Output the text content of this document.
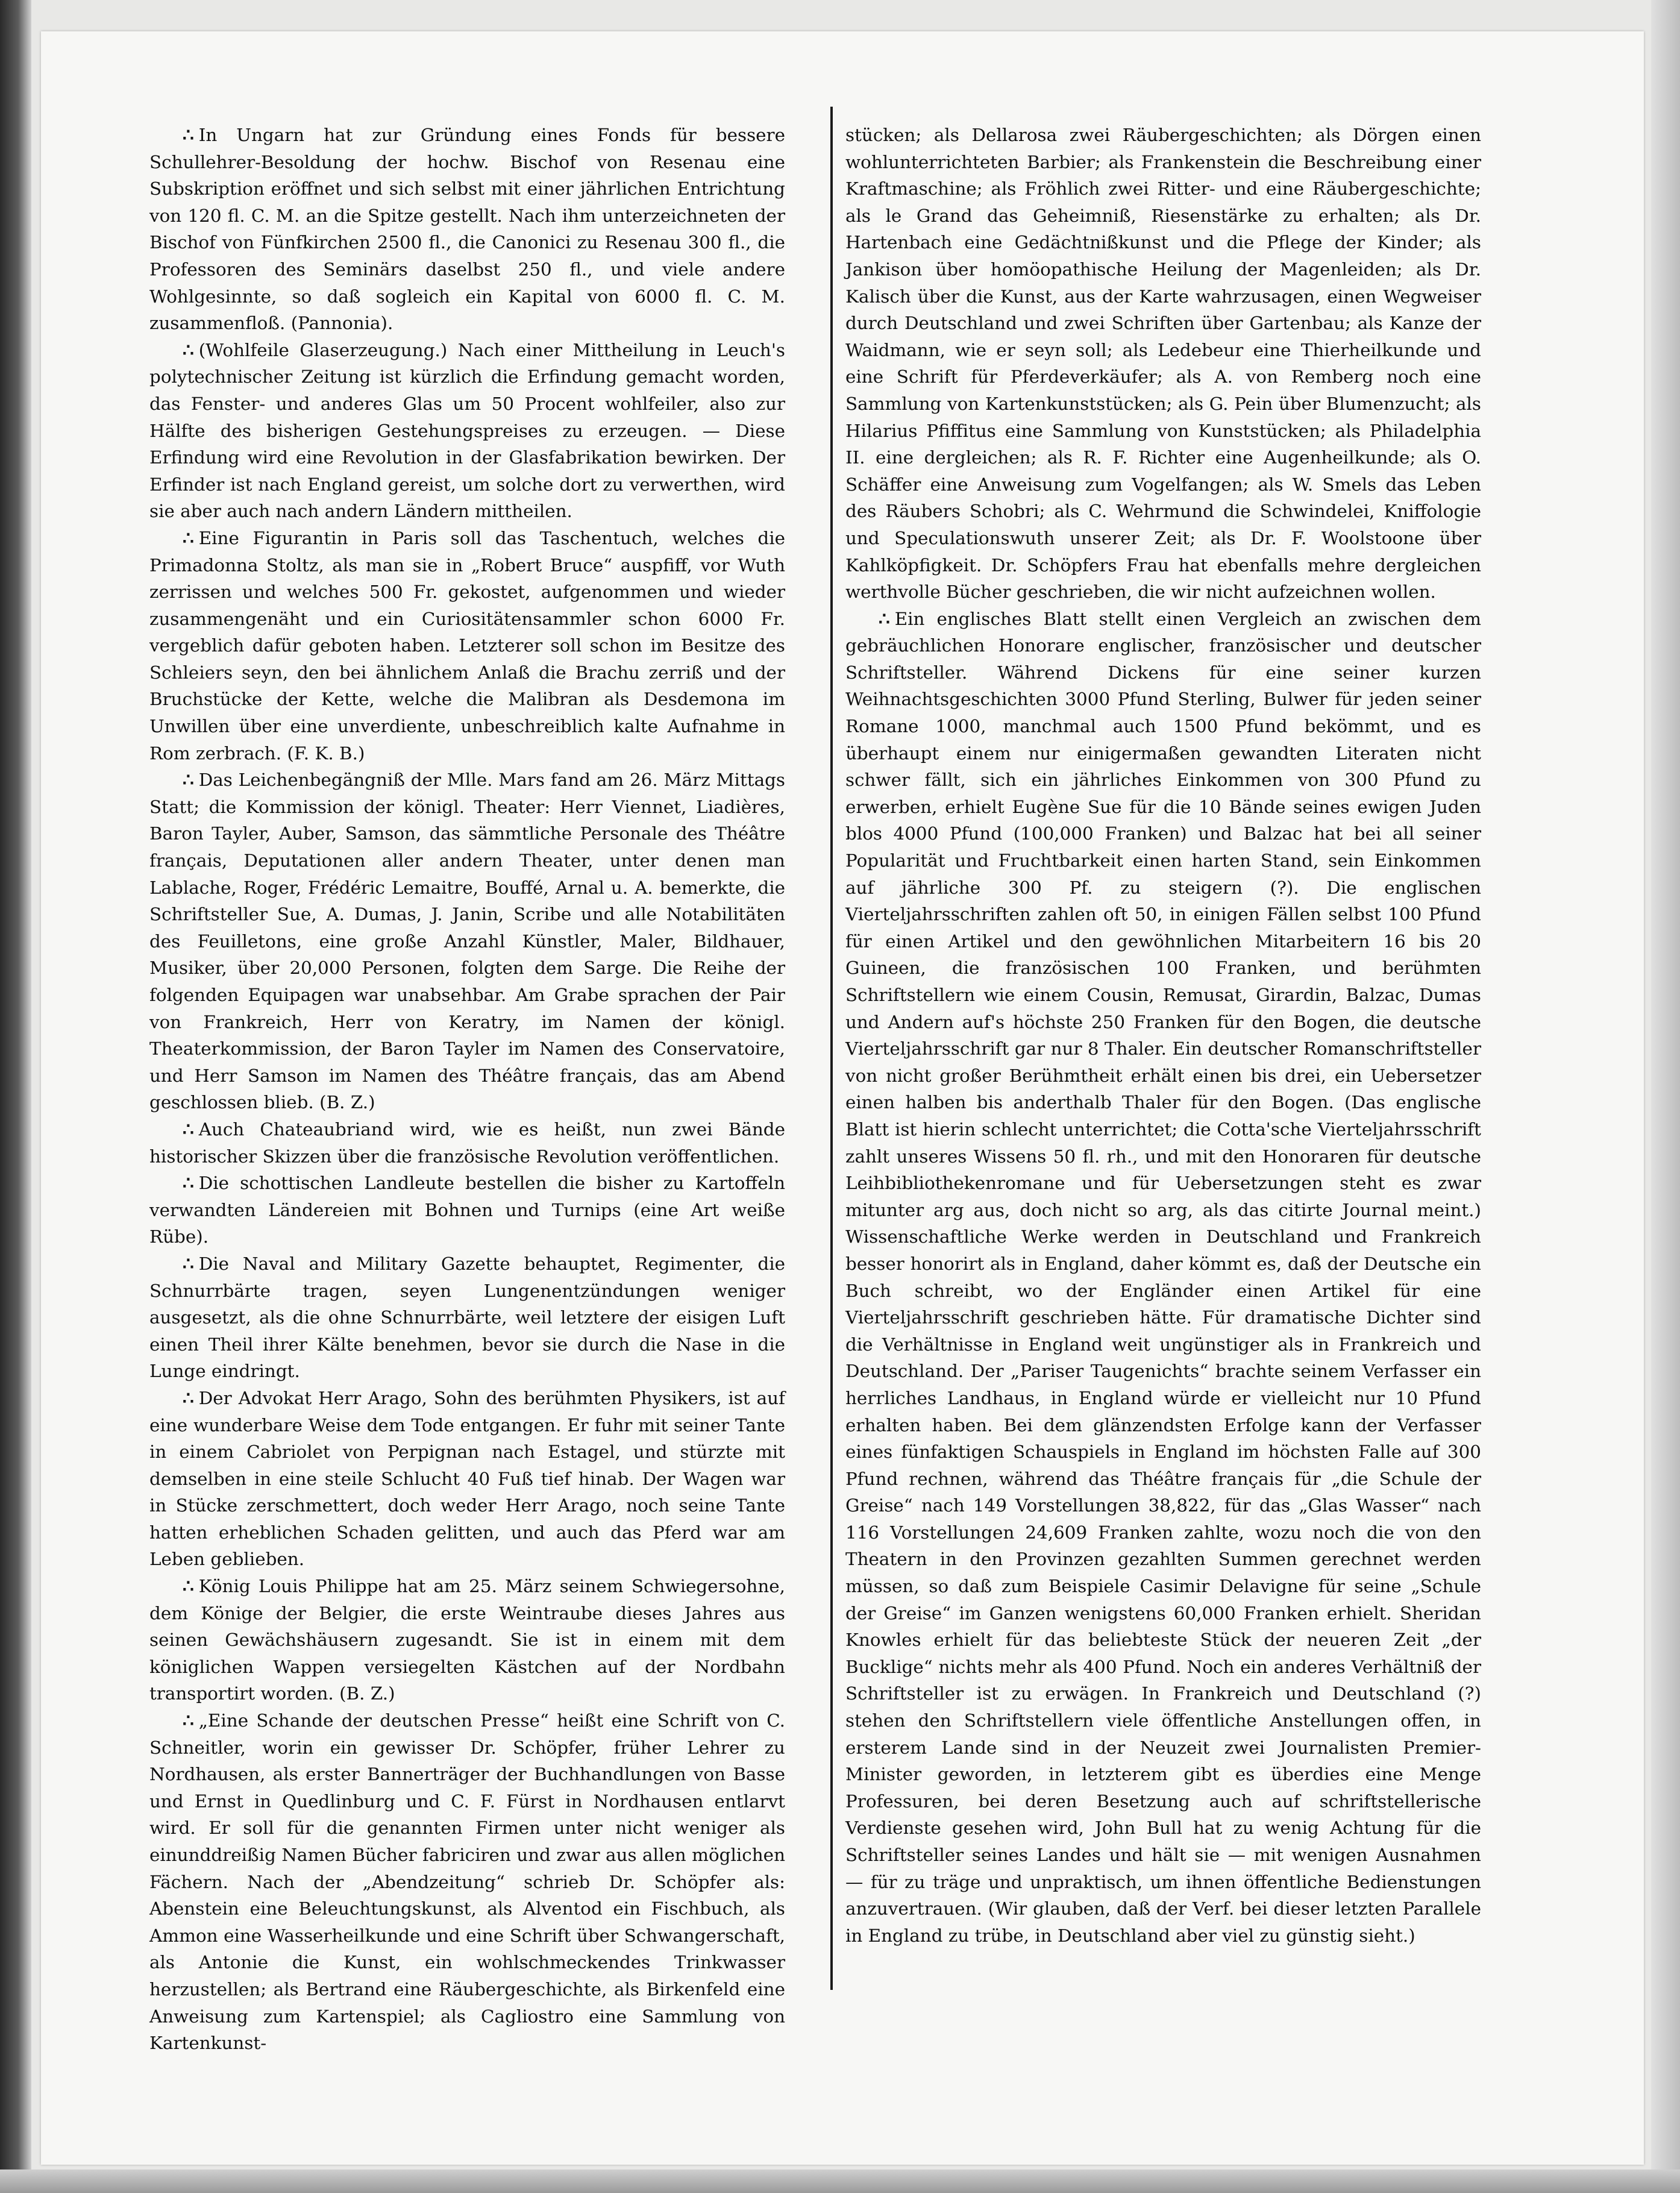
∴ In Ungarn hat zur Gründung eines Fonds für bessere Schullehrer-Besoldung der hochw. Bischof von Resenau eine Subskription eröffnet und sich selbst mit einer jährlichen Entrichtung von 120 fl. C. M. an die Spitze gestellt. Nach ihm unterzeichneten der Bischof von Fünfkirchen 2500 fl., die Canonici zu Resenau 300 fl., die Professoren des Seminärs daselbst 250 fl., und viele andere Wohlgesinnte, so daß sogleich ein Kapital von 6000 fl. C. M. zusammenfloß. (Pannonia).

∴ (Wohlfeile Glaserzeugung.) Nach einer Mittheilung in Leuch's polytechnischer Zeitung ist kürzlich die Erfindung gemacht worden, das Fenster- und anderes Glas um 50 Procent wohlfeiler, also zur Hälfte des bisherigen Gestehungspreises zu erzeugen. — Diese Erfindung wird eine Revolution in der Glasfabrikation bewirken. Der Erfinder ist nach England gereist, um solche dort zu verwerthen, wird sie aber auch nach andern Ländern mittheilen.

∴ Eine Figurantin in Paris soll das Taschentuch, welches die Primadonna Stoltz, als man sie in „Robert Bruce“ auspfiff, vor Wuth zerrissen und welches 500 Fr. gekostet, aufgenommen und wieder zusammengenäht und ein Curiositätensammler schon 6000 Fr. vergeblich dafür geboten haben. Letzterer soll schon im Besitze des Schleiers seyn, den bei ähnlichem Anlaß die Brachu zerriß und der Bruchstücke der Kette, welche die Malibran als Desdemona im Unwillen über eine unverdiente, unbeschreiblich kalte Aufnahme in Rom zerbrach. (F. K. B.)

∴ Das Leichenbegängniß der Mlle. Mars fand am 26. März Mittags Statt; die Kommission der königl. Theater: Herr Viennet, Liadières, Baron Tayler, Auber, Samson, das sämmtliche Personale des Théâtre français, Deputationen aller andern Theater, unter denen man Lablache, Roger, Frédéric Lemaitre, Bouffé, Arnal u. A. bemerkte, die Schriftsteller Sue, A. Dumas, J. Janin, Scribe und alle Notabilitäten des Feuilletons, eine große Anzahl Künstler, Maler, Bildhauer, Musiker, über 20,000 Personen, folgten dem Sarge. Die Reihe der folgenden Equipagen war unabsehbar. Am Grabe sprachen der Pair von Frankreich, Herr von Keratry, im Namen der königl. Theaterkommission, der Baron Tayler im Namen des Conservatoire, und Herr Samson im Namen des Théâtre français, das am Abend geschlossen blieb. (B. Z.)

∴ Auch Chateaubriand wird, wie es heißt, nun zwei Bände historischer Skizzen über die französische Revolution veröffentlichen.

∴ Die schottischen Landleute bestellen die bisher zu Kartoffeln verwandten Ländereien mit Bohnen und Turnips (eine Art weiße Rübe).

∴ Die Naval and Military Gazette behauptet, Regimenter, die Schnurrbärte tragen, seyen Lungenentzündungen weniger ausgesetzt, als die ohne Schnurrbärte, weil letztere der eisigen Luft einen Theil ihrer Kälte benehmen, bevor sie durch die Nase in die Lunge eindringt.

∴ Der Advokat Herr Arago, Sohn des berühmten Physikers, ist auf eine wunderbare Weise dem Tode entgangen. Er fuhr mit seiner Tante in einem Cabriolet von Perpignan nach Estagel, und stürzte mit demselben in eine steile Schlucht 40 Fuß tief hinab. Der Wagen war in Stücke zerschmettert, doch weder Herr Arago, noch seine Tante hatten erheblichen Schaden gelitten, und auch das Pferd war am Leben geblieben.

∴ König Louis Philippe hat am 25. März seinem Schwiegersohne, dem Könige der Belgier, die erste Weintraube dieses Jahres aus seinen Gewächshäusern zugesandt. Sie ist in einem mit dem königlichen Wappen versiegelten Kästchen auf der Nordbahn transportirt worden. (B. Z.)

∴ „Eine Schande der deutschen Presse“ heißt eine Schrift von C. Schneitler, worin ein gewisser Dr. Schöpfer, früher Lehrer zu Nordhausen, als erster Bannerträger der Buchhandlungen von Basse und Ernst in Quedlinburg und C. F. Fürst in Nordhausen entlarvt wird. Er soll für die genannten Firmen unter nicht weniger als einunddreißig Namen Bücher fabriciren und zwar aus allen möglichen Fächern. Nach der „Abendzeitung“ schrieb Dr. Schöpfer als: Abenstein eine Beleuchtungskunst, als Alventod ein Fischbuch, als Ammon eine Wasserheilkunde und eine Schrift über Schwangerschaft, als Antonie die Kunst, ein wohlschmeckendes Trinkwasser herzustellen; als Bertrand eine Räubergeschichte, als Birkenfeld eine Anweisung zum Kartenspiel; als Cagliostro eine Sammlung von Kartenkunst-

stücken; als Dellarosa zwei Räubergeschichten; als Dörgen einen wohlunterrichteten Barbier; als Frankenstein die Beschreibung einer Kraftmaschine; als Fröhlich zwei Ritter- und eine Räubergeschichte; als le Grand das Geheimniß, Riesenstärke zu erhalten; als Dr. Hartenbach eine Gedächtnißkunst und die Pflege der Kinder; als Jankison über homöopathische Heilung der Magenleiden; als Dr. Kalisch über die Kunst, aus der Karte wahrzusagen, einen Wegweiser durch Deutschland und zwei Schriften über Gartenbau; als Kanze der Waidmann, wie er seyn soll; als Ledebeur eine Thierheilkunde und eine Schrift für Pferdeverkäufer; als A. von Remberg noch eine Sammlung von Kartenkunststücken; als G. Pein über Blumenzucht; als Hilarius Pfiffitus eine Sammlung von Kunststücken; als Philadelphia II. eine dergleichen; als R. F. Richter eine Augenheilkunde; als O. Schäffer eine Anweisung zum Vogelfangen; als W. Smels das Leben des Räubers Schobri; als C. Wehrmund die Schwindelei, Kniffologie und Speculationswuth unserer Zeit; als Dr. F. Woolstoone über Kahlköpfigkeit. Dr. Schöpfers Frau hat ebenfalls mehre dergleichen werthvolle Bücher geschrieben, die wir nicht aufzeichnen wollen.

∴ Ein englisches Blatt stellt einen Vergleich an zwischen dem gebräuchlichen Honorare englischer, französischer und deutscher Schriftsteller. Während Dickens für eine seiner kurzen Weihnachtsgeschichten 3000 Pfund Sterling, Bulwer für jeden seiner Romane 1000, manchmal auch 1500 Pfund bekömmt, und es überhaupt einem nur einigermaßen gewandten Literaten nicht schwer fällt, sich ein jährliches Einkommen von 300 Pfund zu erwerben, erhielt Eugène Sue für die 10 Bände seines ewigen Juden blos 4000 Pfund (100,000 Franken) und Balzac hat bei all seiner Popularität und Fruchtbarkeit einen harten Stand, sein Einkommen auf jährliche 300 Pf. zu steigern (?). Die englischen Vierteljahrsschriften zahlen oft 50, in einigen Fällen selbst 100 Pfund für einen Artikel und den gewöhnlichen Mitarbeitern 16 bis 20 Guineen, die französischen 100 Franken, und berühmten Schriftstellern wie einem Cousin, Remusat, Girardin, Balzac, Dumas und Andern auf's höchste 250 Franken für den Bogen, die deutsche Vierteljahrsschrift gar nur 8 Thaler. Ein deutscher Romanschriftsteller von nicht großer Berühmtheit erhält einen bis drei, ein Uebersetzer einen halben bis anderthalb Thaler für den Bogen. (Das englische Blatt ist hierin schlecht unterrichtet; die Cotta'sche Vierteljahrsschrift zahlt unseres Wissens 50 fl. rh., und mit den Honoraren für deutsche Leihbibliothekenromane und für Uebersetzungen steht es zwar mitunter arg aus, doch nicht so arg, als das citirte Journal meint.) Wissenschaftliche Werke werden in Deutschland und Frankreich besser honorirt als in England, daher kömmt es, daß der Deutsche ein Buch schreibt, wo der Engländer einen Artikel für eine Vierteljahrsschrift geschrieben hätte. Für dramatische Dichter sind die Verhältnisse in England weit ungünstiger als in Frankreich und Deutschland. Der „Pariser Taugenichts“ brachte seinem Verfasser ein herrliches Landhaus, in England würde er vielleicht nur 10 Pfund erhalten haben. Bei dem glänzendsten Erfolge kann der Verfasser eines fünfaktigen Schauspiels in England im höchsten Falle auf 300 Pfund rechnen, während das Théâtre français für „die Schule der Greise“ nach 149 Vorstellungen 38,822, für das „Glas Wasser“ nach 116 Vorstellungen 24,609 Franken zahlte, wozu noch die von den Theatern in den Provinzen gezahlten Summen gerechnet werden müssen, so daß zum Beispiele Casimir Delavigne für seine „Schule der Greise“ im Ganzen wenigstens 60,000 Franken erhielt. Sheridan Knowles erhielt für das beliebteste Stück der neueren Zeit „der Bucklige“ nichts mehr als 400 Pfund. Noch ein anderes Verhältniß der Schriftsteller ist zu erwägen. In Frankreich und Deutschland (?) stehen den Schriftstellern viele öffentliche Anstellungen offen, in ersterem Lande sind in der Neuzeit zwei Journalisten Premier-Minister geworden, in letzterem gibt es überdies eine Menge Professuren, bei deren Besetzung auch auf schriftstellerische Verdienste gesehen wird, John Bull hat zu wenig Achtung für die Schriftsteller seines Landes und hält sie — mit wenigen Ausnahmen — für zu träge und unpraktisch, um ihnen öffentliche Bedienstungen anzuvertrauen. (Wir glauben, daß der Verf. bei dieser letzten Parallele in England zu trübe, in Deutschland aber viel zu günstig sieht.)
